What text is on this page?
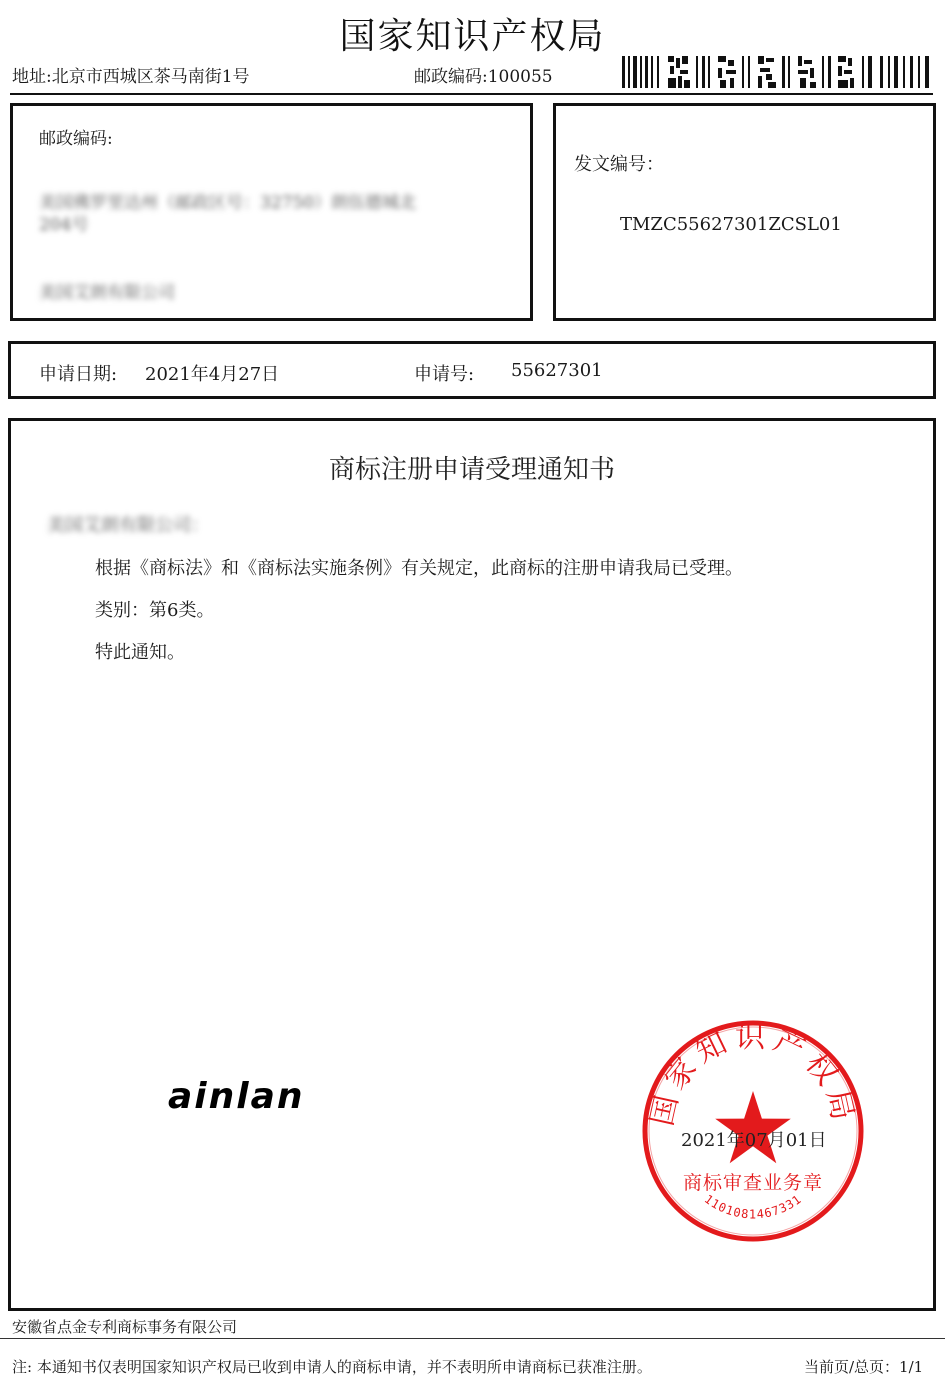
国家知识产权局
地址:北京市西城区茶马南街1号	邮政编码:100055
邮政编码:
美国佛罗里达州（邮政区号：32750）朗伍德城北
204号
美国艾朗有限公司
发文编号：
TMZC55627301ZCSL01
申请日期: 2021年4月27日	申请号: 55627301
商标注册申请受理通知书
美国艾朗有限公司：
根据《商标法》和《商标法实施条例》有关规定，此商标的注册申请我局已受理。
类别：第6类。
特此通知。
ainlan	国家知识产权局
商标审查业务章
1101081467331
2021年07月01日
安徽省点金专利商标事务有限公司
注: 本通知书仅表明国家知识产权局已收到申请人的商标申请，并不表明所申请商标已获准注册。	当前页/总页：1/1
